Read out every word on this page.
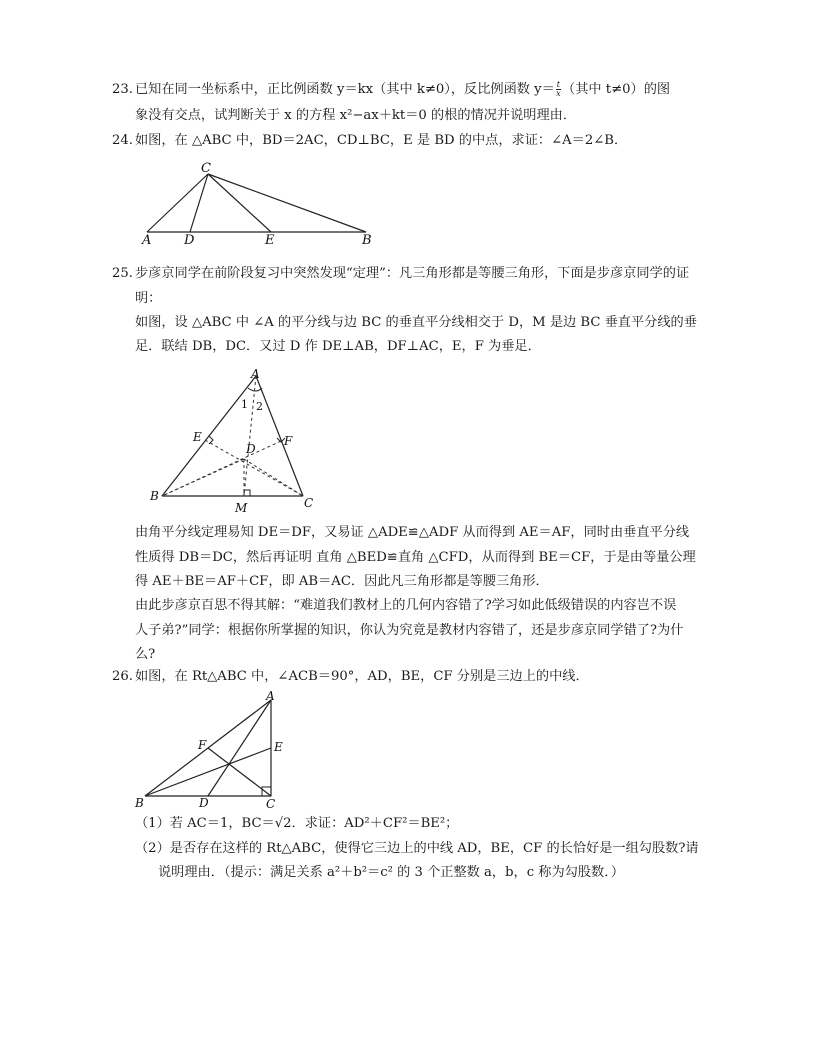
23. 已知在同一坐标系中，正比例函数 y＝kx（其中 k≠0），反比例函数 $y= \frac{t}{x}$ （其中 t≠0）的图
象没有交点，试判断关于 x 的方程 x²−ax＋kt＝0 的根的情况并说明理由．
24. 如图，在 △ABC 中，BD＝2AC，CD⊥BC，E 是 BD 的中点，求证：∠A＝2∠B．
C
A	D	E	B
25. 步彦京同学在前阶段复习中突然发现“定理”：凡三角形都是等腰三角形，下面是步彦京同学的证
明：
如图，设 △ABC 中 ∠A 的平分线与边 BC 的垂直平分线相交于 D，M 是边 BC 垂直平分线的垂
足．联结 DB，DC．又过 D 作 DE⊥AB，DF⊥AC，E，F 为垂足．
A
1 2
E	F
D
B
M	C
由角平分线定理易知 DE＝DF，又易证 △ADE≌△ADF 从而得到 AE＝AF，同时由垂直平分线
性质得 DB＝DC，然后再证明 直角 △BED≌直角 △CFD，从而得到 BE＝CF，于是由等量公理
得 AE＋BE＝AF＋CF，即 AB＝AC．因此凡三角形都是等腰三角形．
由此步彦京百思不得其解：“难道我们教材上的几何内容错了?学习如此低级错误的内容岂不误
人子弟?”同学：根据你所掌握的知识，你认为究竟是教材内容错了，还是步彦京同学错了?为什
么?
26. 如图，在 Rt△ABC 中，∠ACB＝90°，AD，BE，CF 分别是三边上的中线．
A
F	E
B	D	C
（1）若 AC＝1，BC＝√2．求证：AD²＋CF²＝BE²；
（2）是否存在这样的 Rt△ABC，使得它三边上的中线 AD，BE，CF 的长恰好是一组勾股数?请
说明理由．（提示：满足关系 a²＋b²＝c² 的 3 个正整数 a，b，c 称为勾股数．）
